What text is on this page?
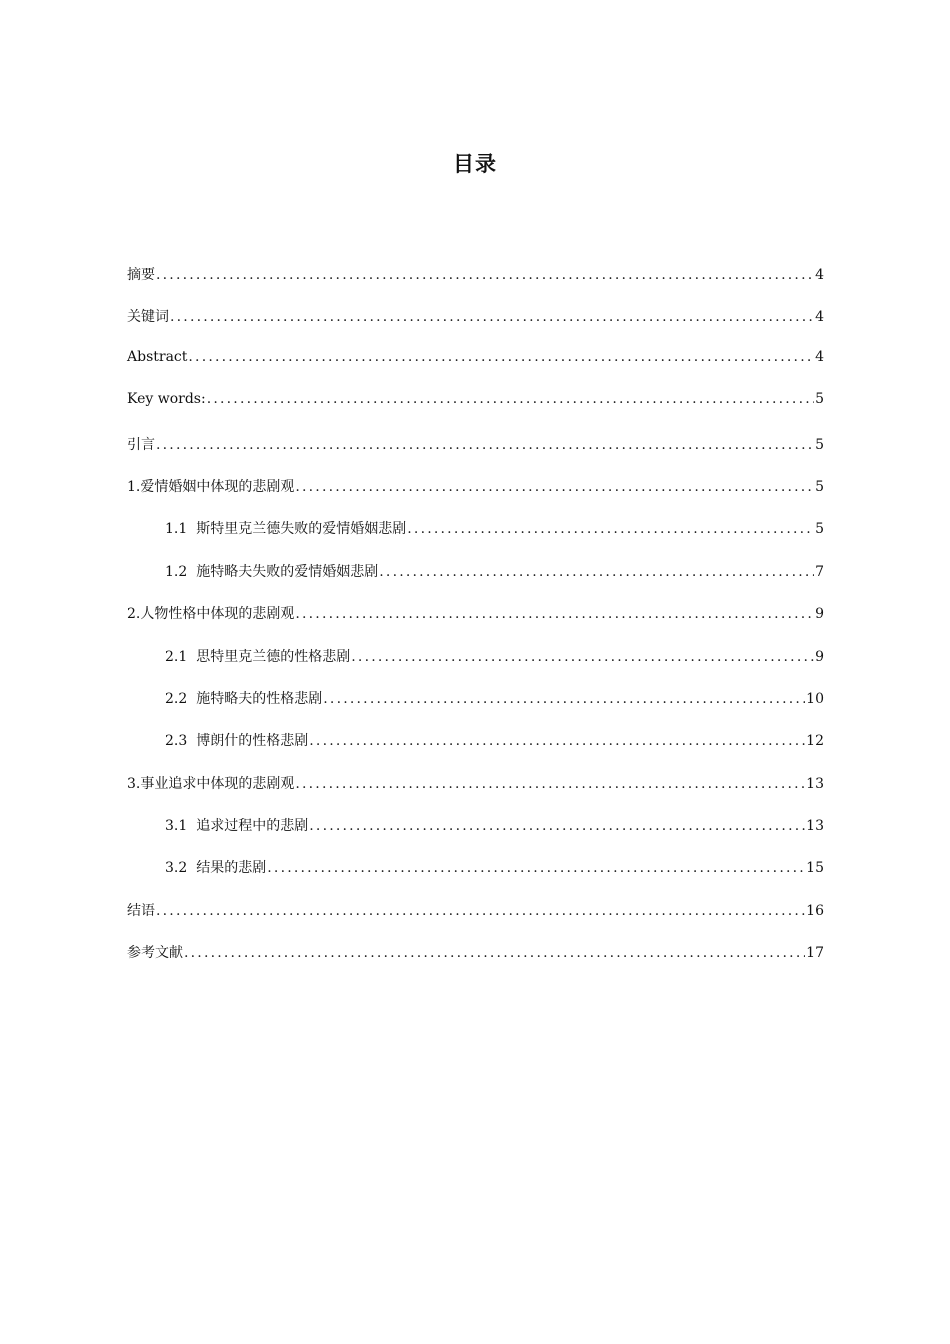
目录
摘要 .....	4
关键词 .....	4
Abstract .....	4
Key words: .....	5
引言 .....	5
1.爱情婚姻中体现的悲剧观 .....	5
1.1 斯特里克兰德失败的爱情婚姻悲剧 .....	5
1.2 施特略夫失败的爱情婚姻悲剧 .....	7
2.人物性格中体现的悲剧观 .....	9
2.1 思特里克兰德的性格悲剧 .....	9
2.2 施特略夫的性格悲剧 .....	10
2.3 博朗什的性格悲剧 .....	12
3.事业追求中体现的悲剧观 .....	13
3.1 追求过程中的悲剧 .....	13
3.2 结果的悲剧 .....	15
结语 .....	16
参考文献 .....	17
